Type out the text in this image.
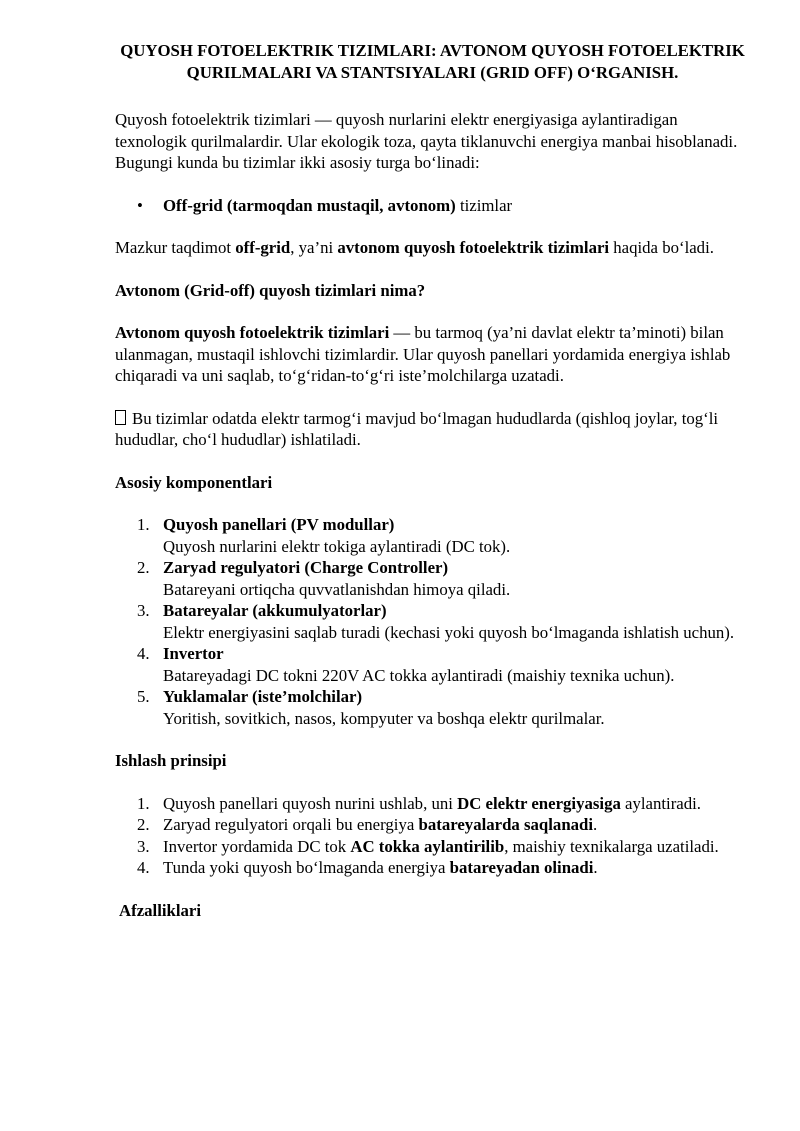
QUYOSH FOTOELEKTRIK TIZIMLARI: AVTONOM QUYOSH FOTOELEKTRIK QURILMALARI VA STANTSIYALARI (GRID OFF) O‘RGANISH.

Quyosh fotoelektrik tizimlari — quyosh nurlarini elektr energiyasiga aylantiradigan texnologik qurilmalardir. Ular ekologik toza, qayta tiklanuvchi energiya manbai hisoblanadi. Bugungi kunda bu tizimlar ikki asosiy turga bo‘linadi:

• Off-grid (tarmoqdan mustaqil, avtonom) tizimlar

Mazkur taqdimot off-grid, ya’ni avtonom quyosh fotoelektrik tizimlari haqida bo‘ladi.

Avtonom (Grid-off) quyosh tizimlari nima?

Avtonom quyosh fotoelektrik tizimlari — bu tarmoq (ya’ni davlat elektr ta’minoti) bilan ulanmagan, mustaqil ishlovchi tizimlardir. Ular quyosh panellari yordamida energiya ishlab chiqaradi va uni saqlab, to‘g‘ridan-to‘g‘ri iste’molchilarga uzatadi.

Bu tizimlar odatda elektr tarmog‘i mavjud bo‘lmagan hududlarda (qishloq joylar, tog‘li hududlar, cho‘l hududlar) ishlatiladi.

Asosiy komponentlari
1. Quyosh panellari (PV modullar)
Quyosh nurlarini elektr tokiga aylantiradi (DC tok).
2. Zaryad regulyatori (Charge Controller)
Batareyani ortiqcha quvvatlanishdan himoya qiladi.
3. Batareyalar (akkumulyatorlar)
Elektr energiyasini saqlab turadi (kechasi yoki quyosh bo‘lmaganda ishlatish uchun).
4. Invertor
Batareyadagi DC tokni 220V AC tokka aylantiradi (maishiy texnika uchun).
5. Yuklamalar (iste’molchilar)
Yoritish, sovitkich, nasos, kompyuter va boshqa elektr qurilmalar.
Ishlash prinsipi
1. Quyosh panellari quyosh nurini ushlab, uni DC elektr energiyasiga aylantiradi.
2. Zaryad regulyatori orqali bu energiya batareyalarda saqlanadi.
3. Invertor yordamida DC tok AC tokka aylantirilib, maishiy texnikalarga uzatiladi.
4. Tunda yoki quyosh bo‘lmaganda energiya batareyadan olinadi.
Afzalliklari
